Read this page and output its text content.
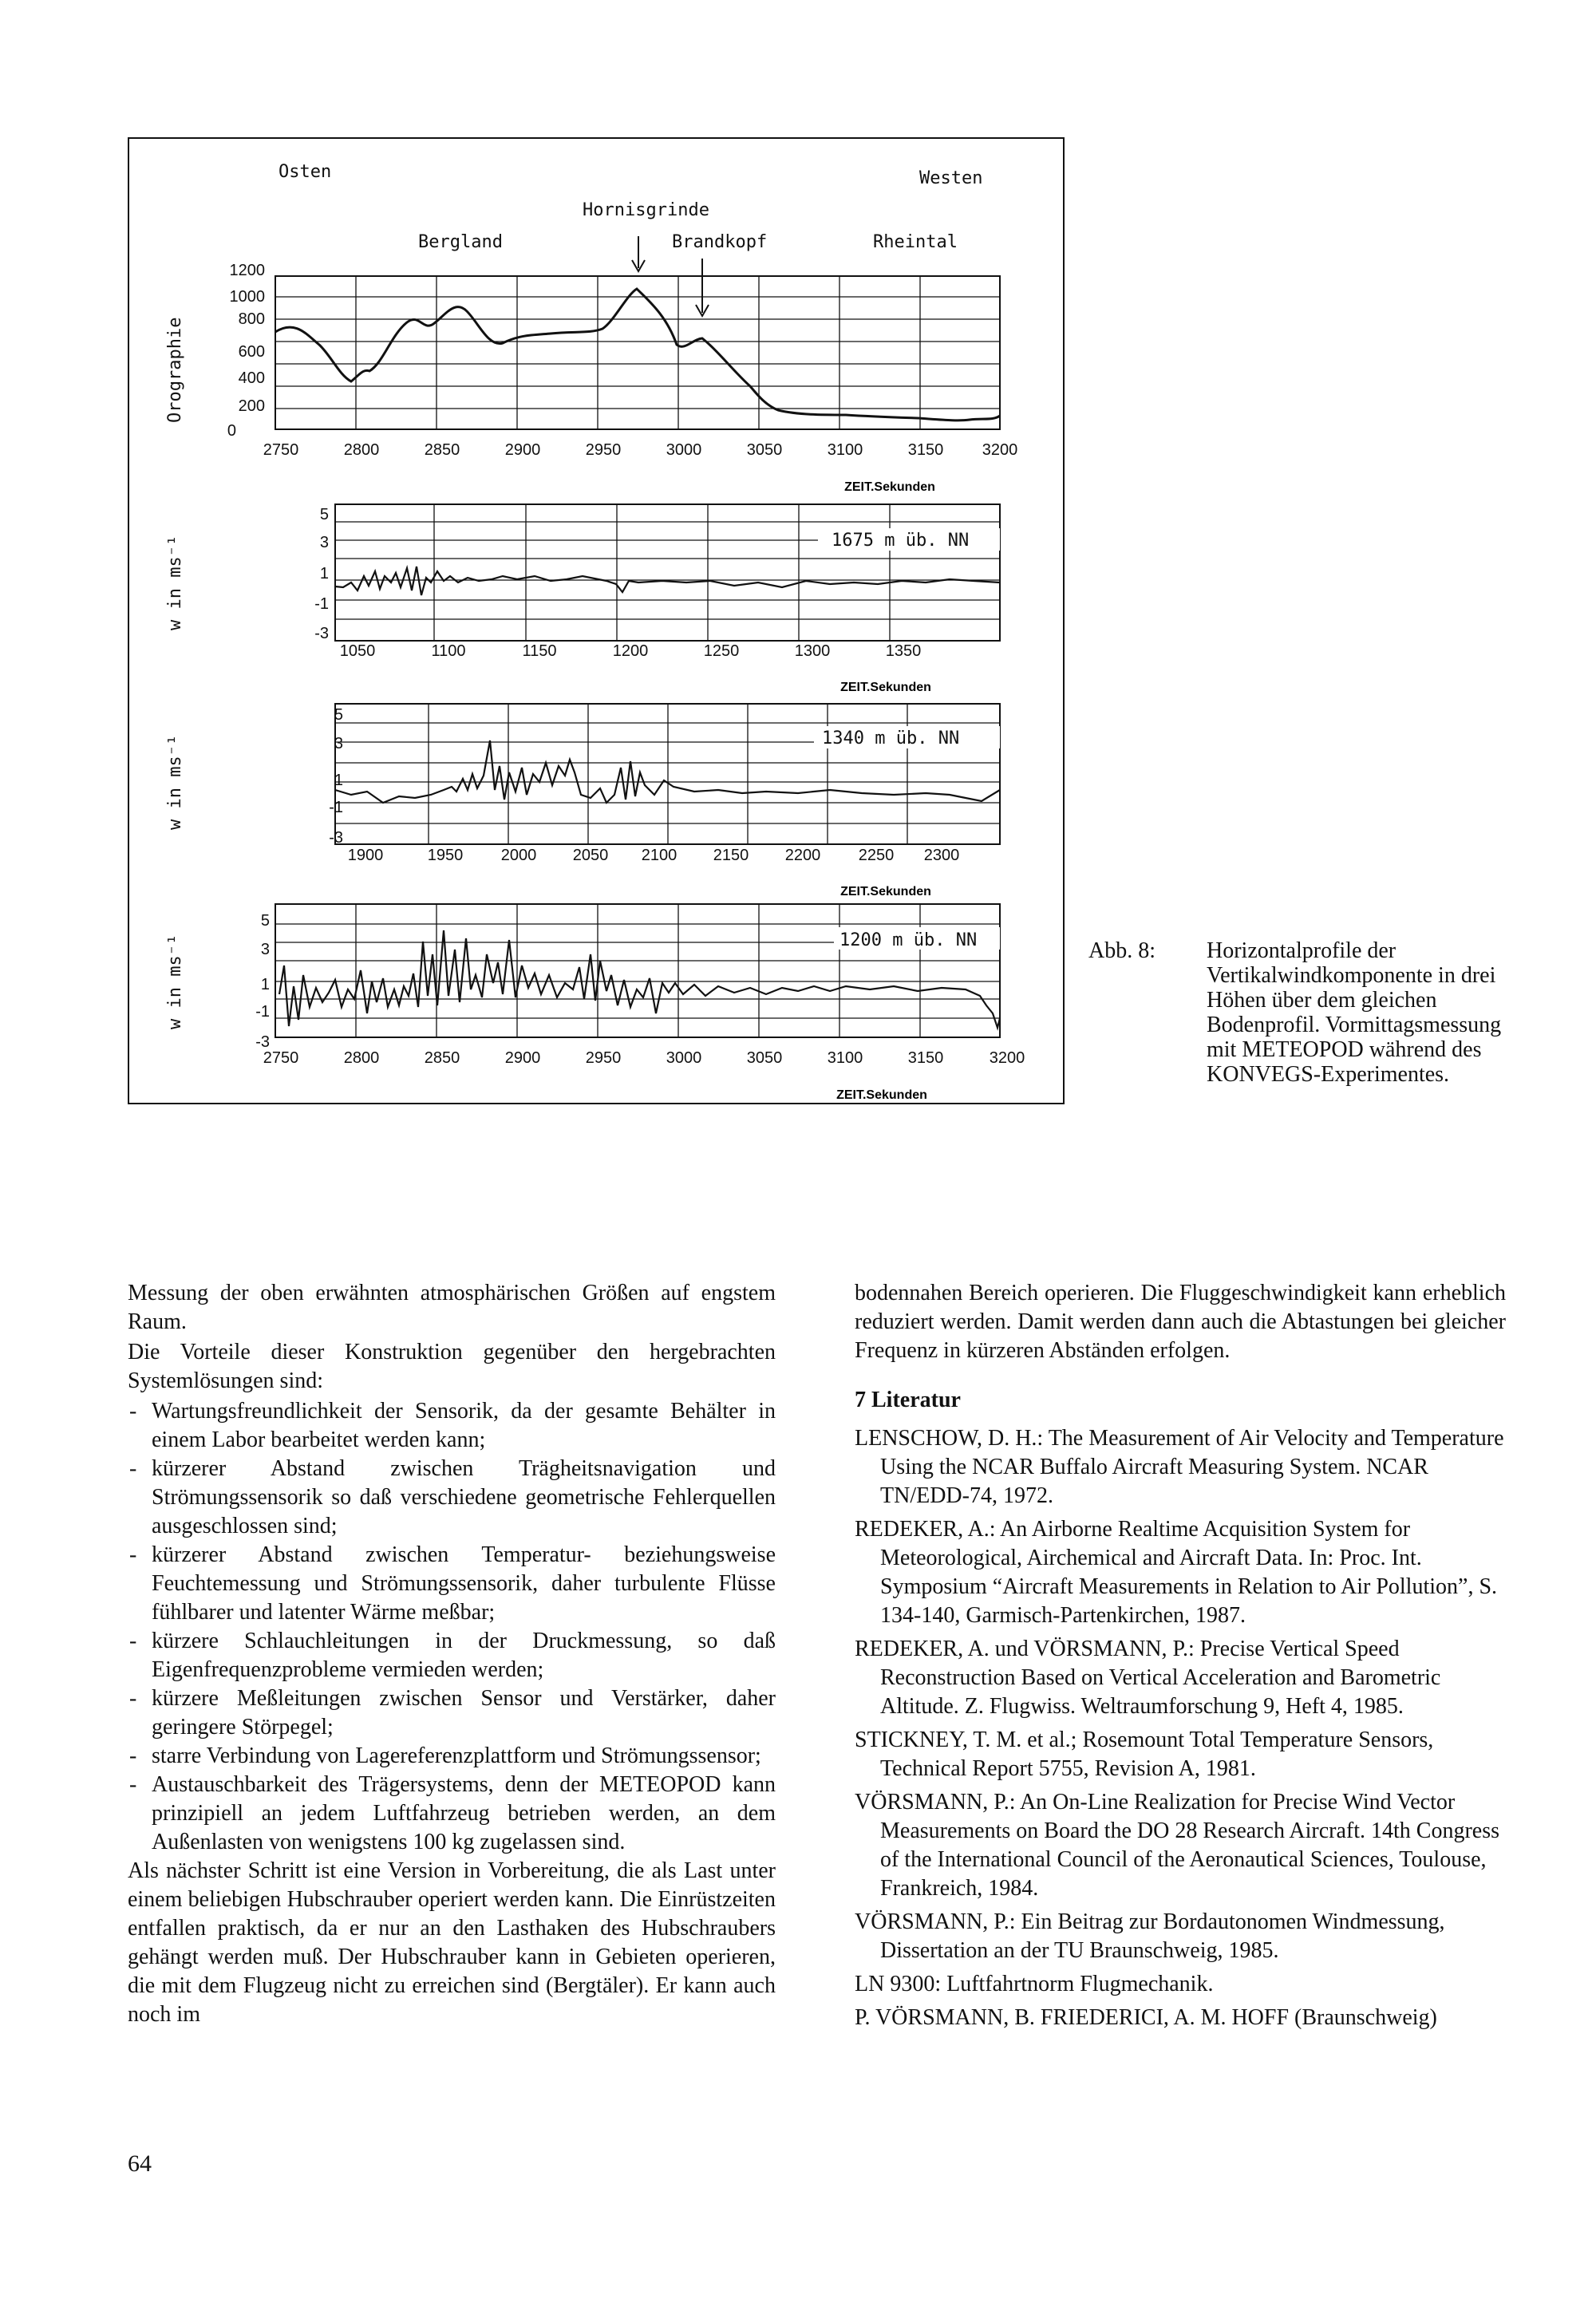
Osten	Westen
Hornisgrinde
Bergland	Brandkopf	Rheintal
Orographie
1200
1000
800
600
400
200
0
2750	2800	2850	2900	2950	3000	3050	3100	3150 3200
ZEIT.Sekunden
w in ms⁻¹	1675 m üb. NN
5
3
1
-1
-3
1050	1100	1150	1200	1250	1300	1350
ZEIT.Sekunden
w in ms⁻¹	1340 m üb. NN
5
3
1
-1
-3
1900	1950 2000 2050 2100 2150 2200 2250 2300
ZEIT.Sekunden
w in ms⁻¹	1200 m üb. NN
5
3
1
-1
-3
2750	2800	2850	2900	2950	3000	3050	3100	3150	3200
ZEIT.Sekunden
Abb. 8:	Horizontalprofile der Vertikalwindkomponente in drei Höhen über dem gleichen Bodenprofil. Vormittagsmessung mit METEOPOD während des KONVEGS-Experimentes.

Messung der oben erwähnten atmosphärischen Größen auf engstem Raum.

Die Vorteile dieser Konstruktion gegenüber den hergebrachten Systemlösungen sind:

- Wartungsfreundlichkeit der Sensorik, da der gesamte Behälter in einem Labor bearbeitet werden kann;
- kürzerer Abstand zwischen Trägheitsnavigation und Strömungssensorik so daß verschiedene geometrische Fehlerquellen ausgeschlossen sind;
- kürzerer Abstand zwischen Temperatur- beziehungsweise Feuchtemessung und Strömungssensorik, daher turbulente Flüsse fühlbarer und latenter Wärme meßbar;
- kürzere Schlauchleitungen in der Druckmessung, so daß Eigenfrequenzprobleme vermieden werden;
- kürzere Meßleitungen zwischen Sensor und Verstärker, daher geringere Störpegel;
- starre Verbindung von Lagereferenzplattform und Strömungssensor;
- Austauschbarkeit des Trägersystems, denn der METEOPOD kann prinzipiell an jedem Luftfahrzeug betrieben werden, an dem Außenlasten von wenigstens 100 kg zugelassen sind.

Als nächster Schritt ist eine Version in Vorbereitung, die als Last unter einem beliebigen Hubschrauber operiert werden kann. Die Einrüstzeiten entfallen praktisch, da er nur an den Lasthaken des Hubschraubers gehängt werden muß. Der Hubschrauber kann in Gebieten operieren, die mit dem Flugzeug nicht zu erreichen sind (Bergtäler). Er kann auch noch im

bodennahen Bereich operieren. Die Fluggeschwindigkeit kann erheblich reduziert werden. Damit werden dann auch die Abtastungen bei gleicher Frequenz in kürzeren Abständen erfolgen.

7 Literatur
LENSCHOW, D. H.: The Measurement of Air Velocity and Temperature Using the NCAR Buffalo Aircraft Measuring System. NCAR TN/EDD-74, 1972.
REDEKER, A.: An Airborne Realtime Acquisition System for Meteorological, Airchemical and Aircraft Data. In: Proc. Int. Symposium “Aircraft Measurements in Relation to Air Pollution”, S. 134-140, Garmisch-Partenkirchen, 1987.
REDEKER, A. und VÖRSMANN, P.: Precise Vertical Speed Reconstruction Based on Vertical Acceleration and Barometric Altitude. Z. Flugwiss. Weltraumforschung 9, Heft 4, 1985.
STICKNEY, T. M. et al.; Rosemount Total Temperature Sensors, Technical Report 5755, Revision A, 1981.
VÖRSMANN, P.: An On-Line Realization for Precise Wind Vector Measurements on Board the DO 28 Research Aircraft. 14th Congress of the International Council of the Aeronautical Sciences, Toulouse, Frankreich, 1984.
VÖRSMANN, P.: Ein Beitrag zur Bordautonomen Windmessung, Dissertation an der TU Braunschweig, 1985.
LN 9300: Luftfahrtnorm Flugmechanik.
P. VÖRSMANN, B. FRIEDERICI, A. M. HOFF (Braunschweig)
64
